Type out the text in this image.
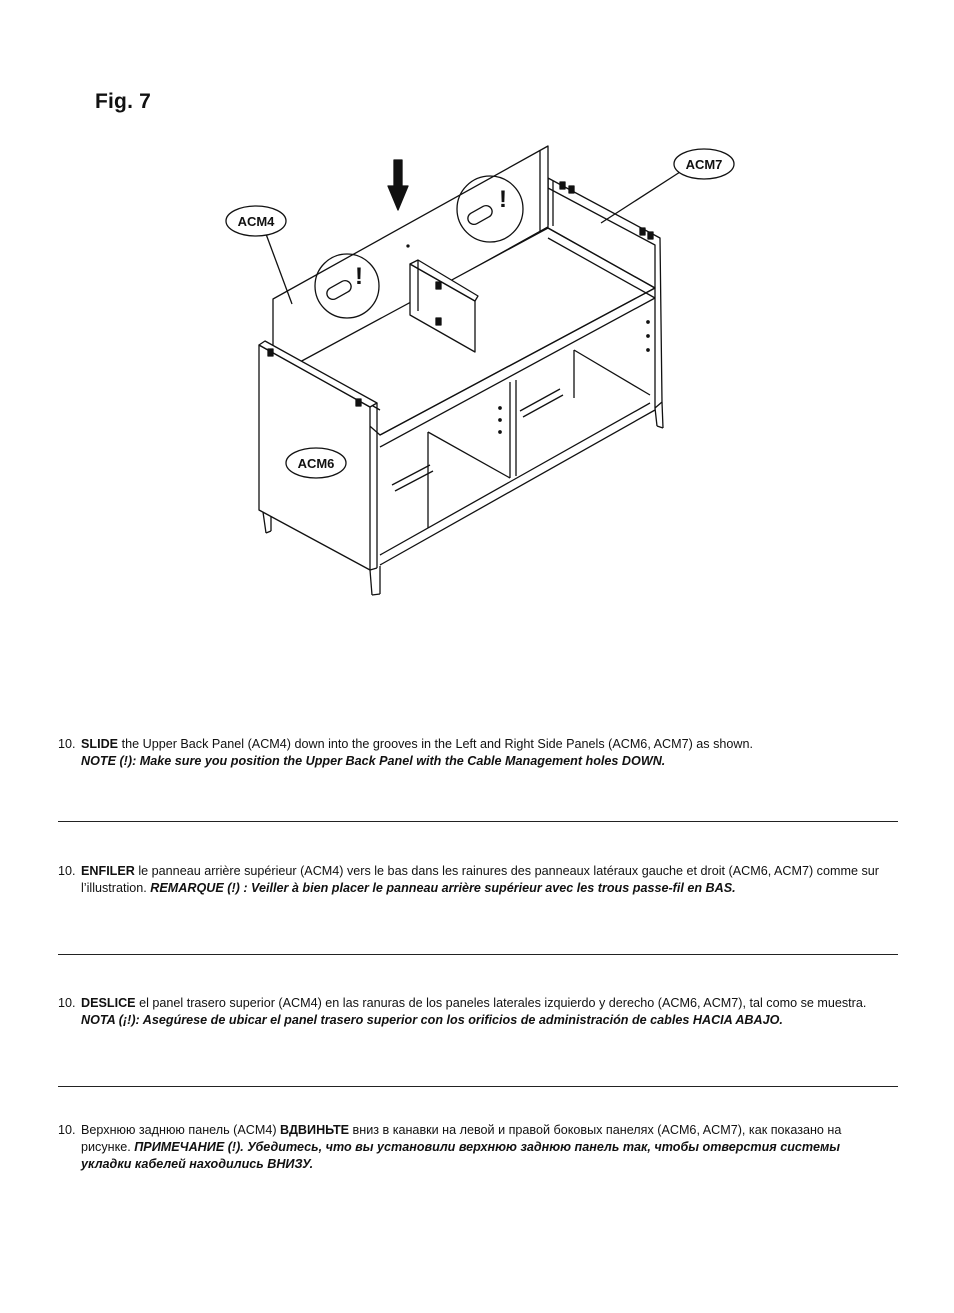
Fig. 7
ACM4
ACM6
ACM7
!
!
10. SLIDE the Upper Back Panel (ACM4) down into the grooves in the Left and Right Side Panels (ACM6, ACM7) as shown.
NOTE (!): Make sure you position the Upper Back Panel with the Cable Management holes DOWN.
10. ENFILER le panneau arrière supérieur (ACM4) vers le bas dans les rainures des panneaux latéraux gauche et droit (ACM6, ACM7) comme sur l’illustration. REMARQUE (!) : Veiller à bien placer le panneau arrière supérieur avec les trous passe-fil en BAS.
10. DESLICE el panel trasero superior (ACM4) en las ranuras de los paneles laterales izquierdo y derecho (ACM6, ACM7), tal como se muestra. NOTA (¡!): Asegúrese de ubicar el panel trasero superior con los orificios de administración de cables HACIA ABAJO.
10. Верхнюю заднюю панель (ACM4) ВДВИНЬТЕ вниз в канавки на левой и правой боковых панелях (ACM6, ACM7), как показано на рисунке. ПРИМЕЧАНИЕ (!). Убедитесь, что вы установили верхнюю заднюю панель так, чтобы отверстия системы укладки кабелей находились ВНИЗУ.
